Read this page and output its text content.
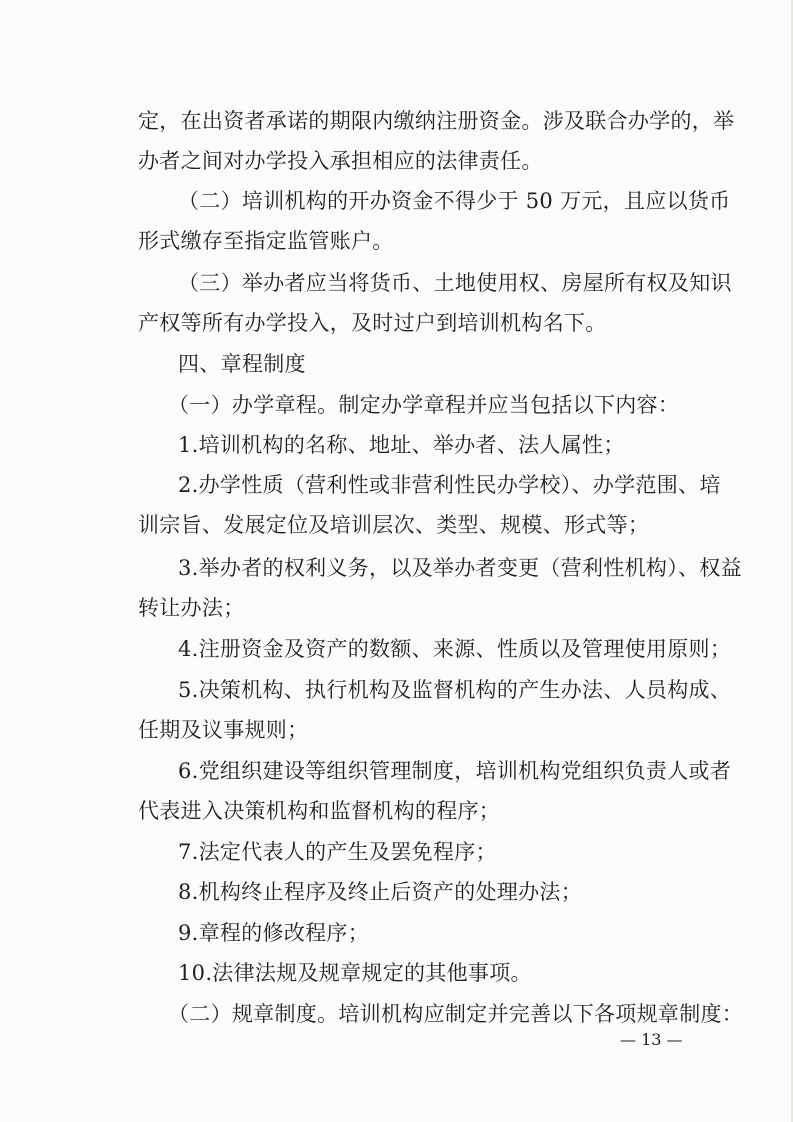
定，在出资者承诺的期限内缴纳注册资金。涉及联合办学的，举
办者之间对办学投入承担相应的法律责任。
（二）培训机构的开办资金不得少于 50 万元，且应以货币
形式缴存至指定监管账户。
（三）举办者应当将货币、土地使用权、房屋所有权及知识
产权等所有办学投入，及时过户到培训机构名下。
四、章程制度
（一）办学章程。制定办学章程并应当包括以下内容：
1.培训机构的名称、地址、举办者、法人属性；
2.办学性质（营利性或非营利性民办学校）、办学范围、培
训宗旨、发展定位及培训层次、类型、规模、形式等；
3.举办者的权利义务，以及举办者变更（营利性机构）、权益
转让办法；
4.注册资金及资产的数额、来源、性质以及管理使用原则；
5.决策机构、执行机构及监督机构的产生办法、人员构成、
任期及议事规则；
6.党组织建设等组织管理制度，培训机构党组织负责人或者
代表进入决策机构和监督机构的程序；
7.法定代表人的产生及罢免程序；
8.机构终止程序及终止后资产的处理办法；
9.章程的修改程序；
10.法律法规及规章规定的其他事项。
（二）规章制度。培训机构应制定并完善以下各项规章制度：
— 13 —
